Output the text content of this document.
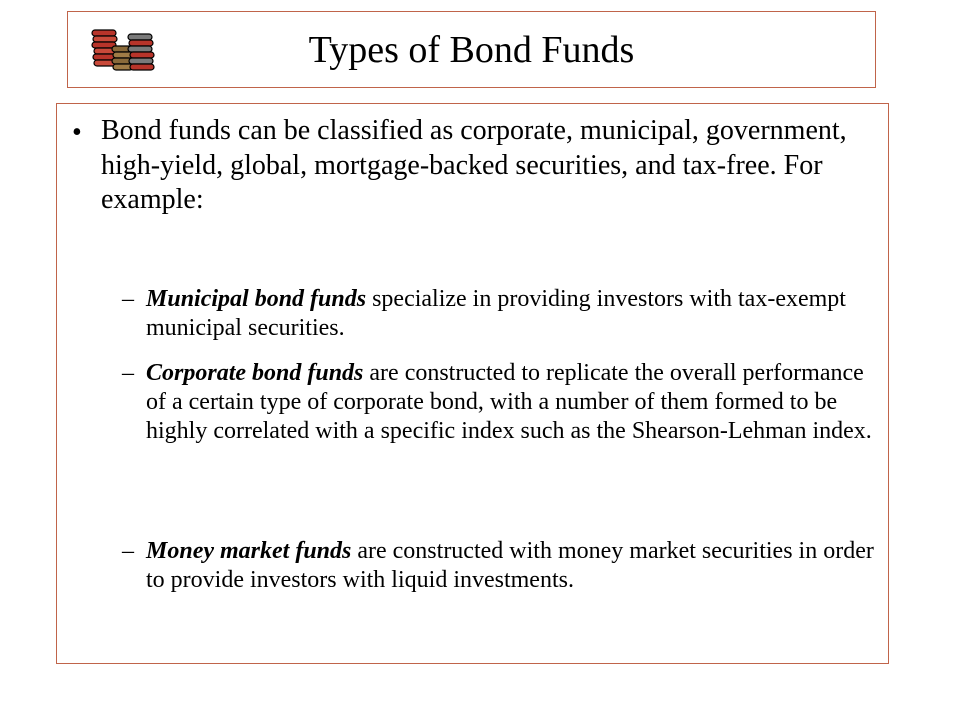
Types of Bond Funds
• Bond funds can be classified as corporate, municipal, government, high-yield, global, mortgage-backed securities, and tax-free. For example:

– Municipal bond funds specialize in providing investors with tax-exempt municipal securities.

– Corporate bond funds are constructed to replicate the overall performance of a certain type of corporate bond, with a number of them formed to be highly correlated with a specific index such as the Shearson-Lehman index.

– Money market funds are constructed with money market securities in order to provide investors with liquid investments.
